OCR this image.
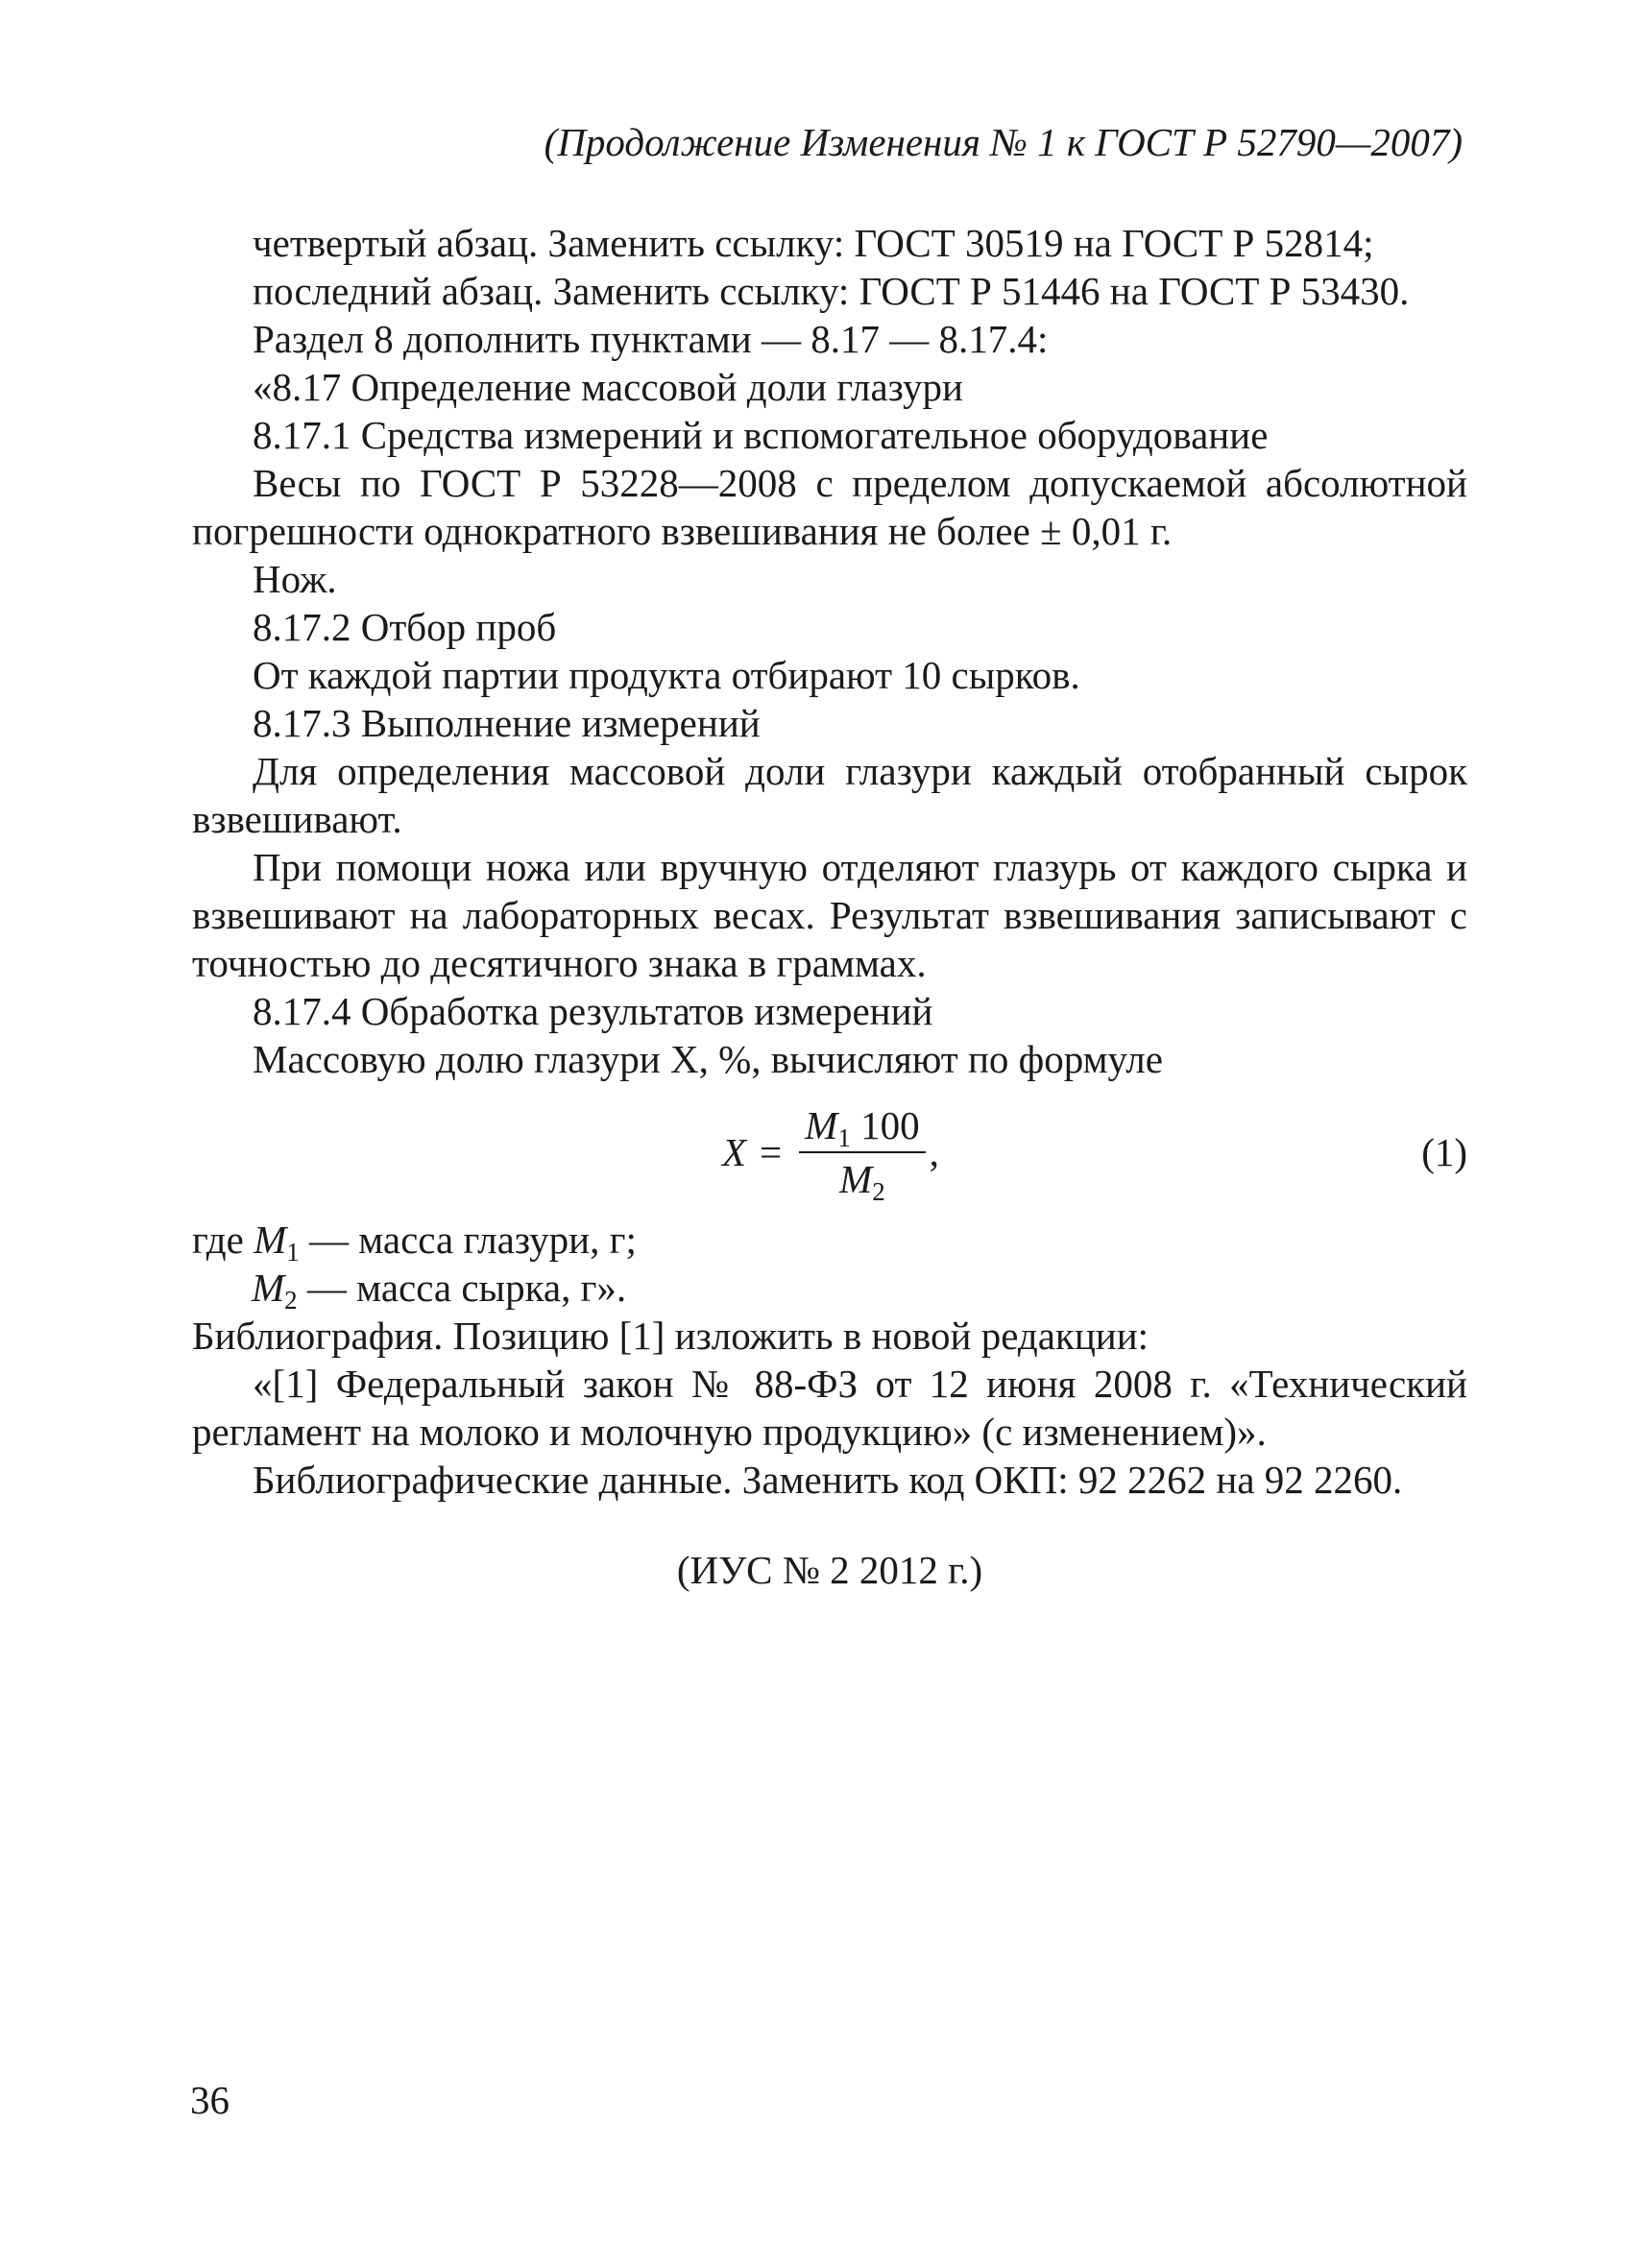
(Продолжение Изменения № 1 к ГОСТ Р 52790—2007)

четвертый абзац. Заменить ссылку: ГОСТ 30519 на ГОСТ Р 52814;

последний абзац. Заменить ссылку: ГОСТ Р 51446 на ГОСТ Р 53430.

Раздел 8 дополнить пунктами — 8.17 — 8.17.4:

«8.17 Определение массовой доли глазури

8.17.1 Средства измерений и вспомогательное оборудование

Весы по ГОСТ Р 53228—2008 с пределом допускаемой абсолютной погрешности однократного взвешивания не более ± 0,01 г.

Нож.

8.17.2 Отбор проб

От каждой партии продукта отбирают 10 сырков.

8.17.3 Выполнение измерений

Для определения массовой доли глазури каждый отобранный сырок взвешивают.

При помощи ножа или вручную отделяют глазурь от каждого сырка и взвешивают на лабораторных весах. Результат взвешивания записывают с точностью до десятичного знака в граммах.

8.17.4 Обработка результатов измерений

Массовую долю глазури X, %, вычисляют по формуле

$X = \frac{M_1 100}{M_2}$ ,	(1)

где $M_1$ — масса глазури, г;

$M_2$ — масса сырка, г».

Библиография. Позицию [1] изложить в новой редакции:

«[1] Федеральный закон № 88-ФЗ от 12 июня 2008 г. «Технический регламент на молоко и молочную продукцию» (с изменением)».

Библиографические данные. Заменить код ОКП: 92 2262 на 92 2260.

(ИУС № 2 2012 г.)

36
